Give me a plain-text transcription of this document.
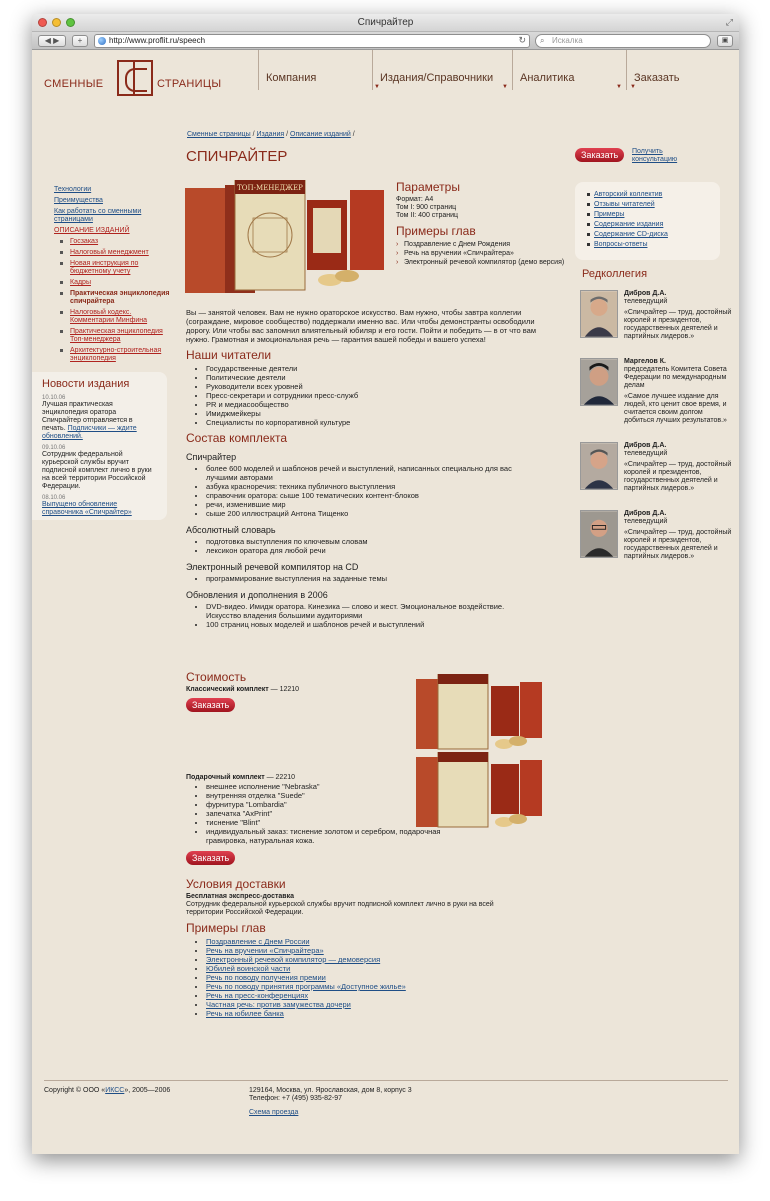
Спичрайтер	⤢
◀ ▶	+	http://www.proflit.ru/speech	↻ ⌕ Искалка	▣
СМЕННЫЕ	СТРАНИЦЫ	Компания
▼
Издания/Справочники
▼
Аналитика
▼
Заказать
▼
Сменные страницы / Издания / Описание изданий /
СПИЧРАЙТЕР	Заказать	Получить
консультацию
Технологии
Преимущества
Как работать со сменными страницами
ОПИСАНИЕ ИЗДАНИЙ
Госзаказ
Налоговый менеджмент
Новая инструкция по бюджетному учету
Кадры
Практическая энциклопедия спичрайтера
Налоговый кодекс. Комментарии Минфина
Практическая энциклопедия Топ-менеджера
Архитектурно-строительная энциклопедия
Новости издания
10.10.06

Лучшая практическая энциклопедия оратора Спичрайтер отправляется в печать. Подписчики — ждите обновлений.

09.10.06

Сотрудник федеральной курьерской службы вручит подписной комплект лично в руки на всей территории Российской Федерации.

08.10.06

Выпущено обновление справочника «Спичрайтер»

ТОП-МЕНЕДЖЕР	Параметры
Формат: А4
Том I: 900 страниц
Том II: 400 страниц
Примеры глав
› Поздравление с Днем Рождения
› Речь на вручении «Спичрайтера»
› Электронный речевой компилятор (демо версия)

Вы — занятой человек. Вам не нужно ораторское искусство. Вам нужно, чтобы завтра коллегии (сограждане, мировое сообщество) поддержали именно вас. Или чтобы демонстранты освободили дорогу. Или чтобы вас запомнил влиятельный юбиляр и его гости. Пойти и победить — в от что вам нужно. Грамотная и эмоциональная речь — гарантия вашей победы и вашего успеха!

Наши читатели
• Государственные деятели
• Политические деятели
• Руководители всех уровней
• Пресс-секретари и сотрудники пресс-служб
• PR и медиасообщество
• Имиджмейкеры
• Специалисты по корпоративной культуре
Состав комплекта
Спичрайтер
• более 600 моделей и шаблонов речей и выступлений, написанных специально для вас лучшими авторами
• азбука красноречия: техника публичного выступления
• справочник оратора: сыше 100 тематических контент-блоков
• речи, изменившие мир
• сыше 200 иллюстраций Антона Тищенко
Абсолютный словарь
• подготовка выступления по ключевым словам
• лексикон оратора для любой речи
Электронный речевой компилятор на CD
• программирование выступления на заданные темы
Обновления и дополнения в 2006
• DVD-видео. Имидж оратора. Кинезика — слово и жест. Эмоциональное воздействие. Искусство владения большими аудиториями
• 100 страниц новых моделей и шаблонов речей и выступлений
Стоимость
Классический комплект — 12210
Заказать
Подарочный комплект — 22210
• внешнее исполнение "Nebraska"
• внутренняя отделка "Suede"
• фурнитура "Lombardia"
• запечатка "AxPrint"
• тиснение "Blint"
• индивидуальный заказ: тиснение золотом и серебром, подарочная гравировка, натуральная кожа.
Заказать
Условия доставки
Бесплатная экспресс-доставка
Сотрудник федеральной курьерской службы вручит подписной комплект лично в руки на всей территории Российской Федерации.
Примеры глав
• Поздравление с Днем России
• Речь на вручении «Спичрайтера»
• Электронный речевой компилятор — демоверсия
• Юбилей воинской части
• Речь по поводу получения премии
• Речь по поводу принятия программы «Доступное жилье»
• Речь на пресс-конференциях
• Частная речь: против замужества дочери
• Речь на юбилее банка
Авторский коллектив
Отзывы читателей
Примеры
Содержание издания
Содержание CD-диска
Вопросы-ответы
Редколлегия
Дибров Д.А.
телеведущий
«Спичрайтер — труд, достойный королей и президентов, государственных деятелей и партийных лидеров.»
Маргелов К.
председатель Комитета Совета Федерации по международным делам
«Самое лучшее издание для людей, кто ценит свое время, и считается своим долгом добиться лучших результатов.»
Дибров Д.А.
телеведущий
«Спичрайтер — труд, достойный королей и президентов, государственных деятелей и партийных лидеров.»
Дибров Д.А.
телеведущий
«Спичрайтер — труд, достойный королей и президентов, государственных деятелей и партийных лидеров.»
Copyright © ООО «ИКСС», 2005—2006	129164, Москва, ул. Ярославская, дом 8, корпус 3
Телефон: +7 (495) 935-82-97
Схема проезда
